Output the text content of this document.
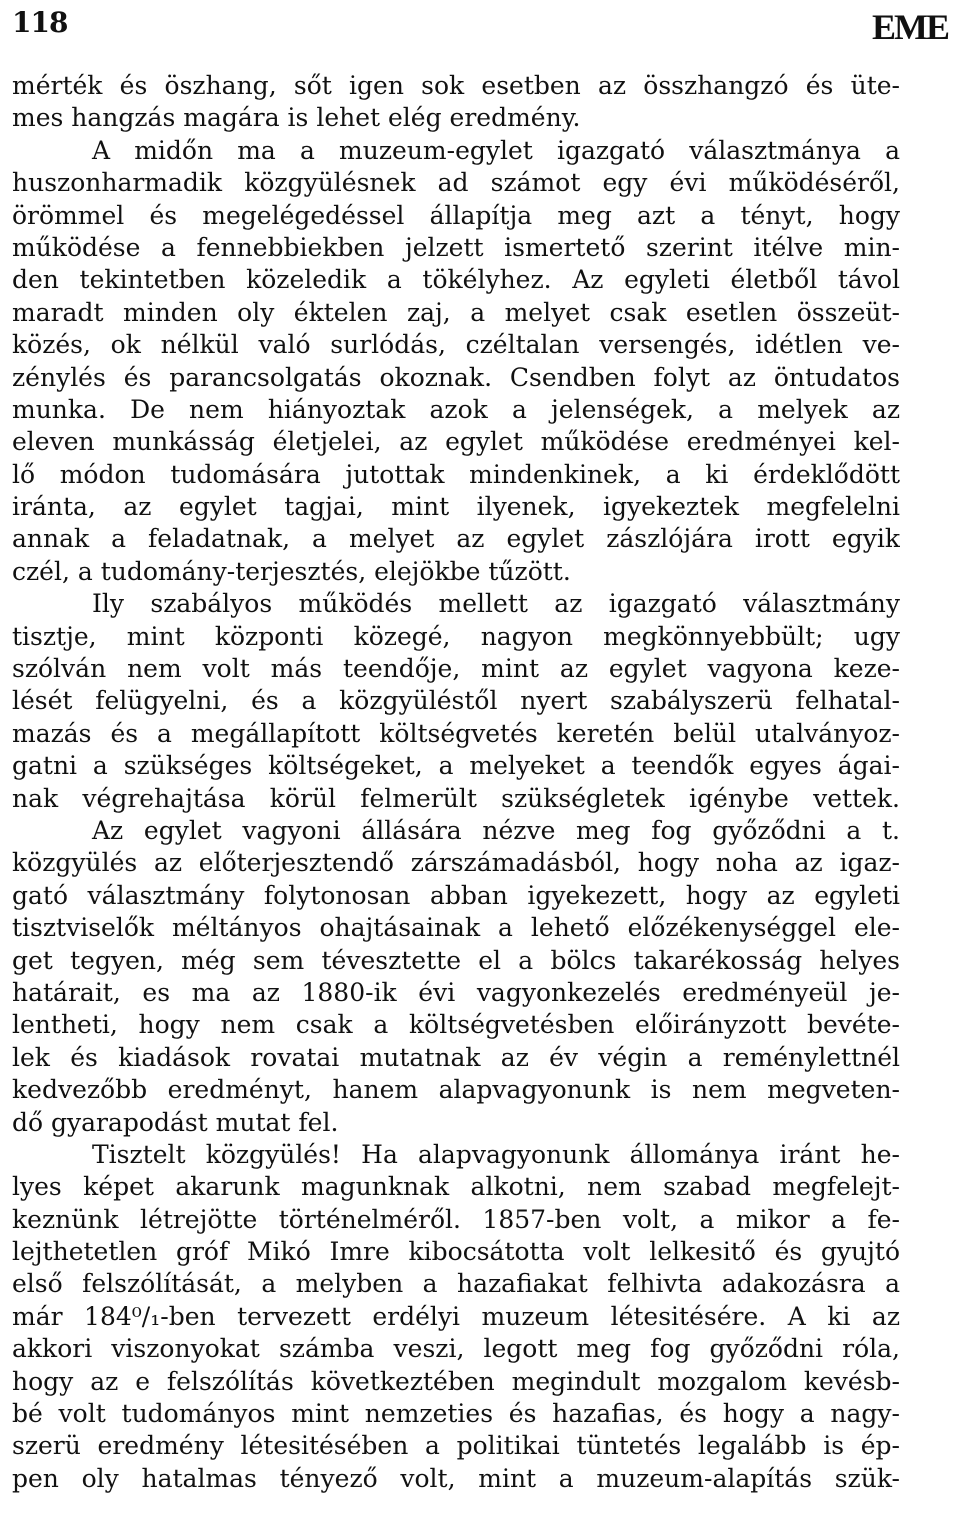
118	EME
mérték és öszhang, sőt igen sok esetben az összhangzó és üte-
mes hangzás magára is lehet elég eredmény.
A midőn ma a muzeum-egylet igazgató választmánya a
huszonharmadik közgyülésnek ad számot egy évi működéséről,
örömmel és megelégedéssel állapítja meg azt a tényt, hogy
működése a fennebbiekben jelzett ismertető szerint itélve min-
den tekintetben közeledik a tökélyhez. Az egyleti életből távol
maradt minden oly éktelen zaj, a melyet csak esetlen összeüt-
közés, ok nélkül való surlódás, czéltalan versengés, idétlen ve-
zénylés és parancsolgatás okoznak. Csendben folyt az öntudatos
munka. De nem hiányoztak azok a jelenségek, a melyek az
eleven munkásság életjelei, az egylet működése eredményei kel-
lő módon tudomására jutottak mindenkinek, a ki érdeklődött
iránta, az egylet tagjai, mint ilyenek, igyekeztek megfelelni
annak a feladatnak, a melyet az egylet zászlójára irott egyik
czél, a tudomány-terjesztés, elejökbe tűzött.
Ily szabályos működés mellett az igazgató választmány
tisztje, mint központi közegé, nagyon megkönnyebbült; ugy
szólván nem volt más teendője, mint az egylet vagyona keze-
lését felügyelni, és a közgyüléstől nyert szabályszerü felhatal-
mazás és a megállapított költségvetés keretén belül utalványoz-
gatni a szükséges költségeket, a melyeket a teendők egyes ágai-
nak végrehajtása körül felmerült szükségletek igénybe vettek.
Az egylet vagyoni állására nézve meg fog győződni a t.
közgyülés az előterjesztendő zárszámadásból, hogy noha az igaz-
gató választmány folytonosan abban igyekezett, hogy az egyleti
tisztviselők méltányos ohajtásainak a lehető előzékenységgel ele-
get tegyen, még sem tévesztette el a bölcs takarékosság helyes
határait, es ma az 1880-ik évi vagyonkezelés eredményeül je-
lentheti, hogy nem csak a költségvetésben előirányzott bevéte-
lek és kiadások rovatai mutatnak az év végin a reménylettnél
kedvezőbb eredményt, hanem alapvagyonunk is nem megveten-
dő gyarapodást mutat fel.
Tisztelt közgyülés! Ha alapvagyonunk állománya iránt he-
lyes képet akarunk magunknak alkotni, nem szabad megfelejt-
keznünk létrejötte történelméről. 1857-ben volt, a mikor a fe-
lejthetetlen gróf Mikó Imre kibocsátotta volt lelkesitő és gyujtó
első felszólítását, a melyben a hazafiakat felhivta adakozásra a
már 184⁰/₁-ben tervezett erdélyi muzeum létesitésére. A ki az
akkori viszonyokat számba veszi, legott meg fog győződni róla,
hogy az e felszólítás következtében megindult mozgalom kevésb-
bé volt tudományos mint nemzeties és hazafias, és hogy a nagy-
szerü eredmény létesitésében a politikai tüntetés legalább is ép-
pen oly hatalmas tényező volt, mint a muzeum-alapítás szük-
